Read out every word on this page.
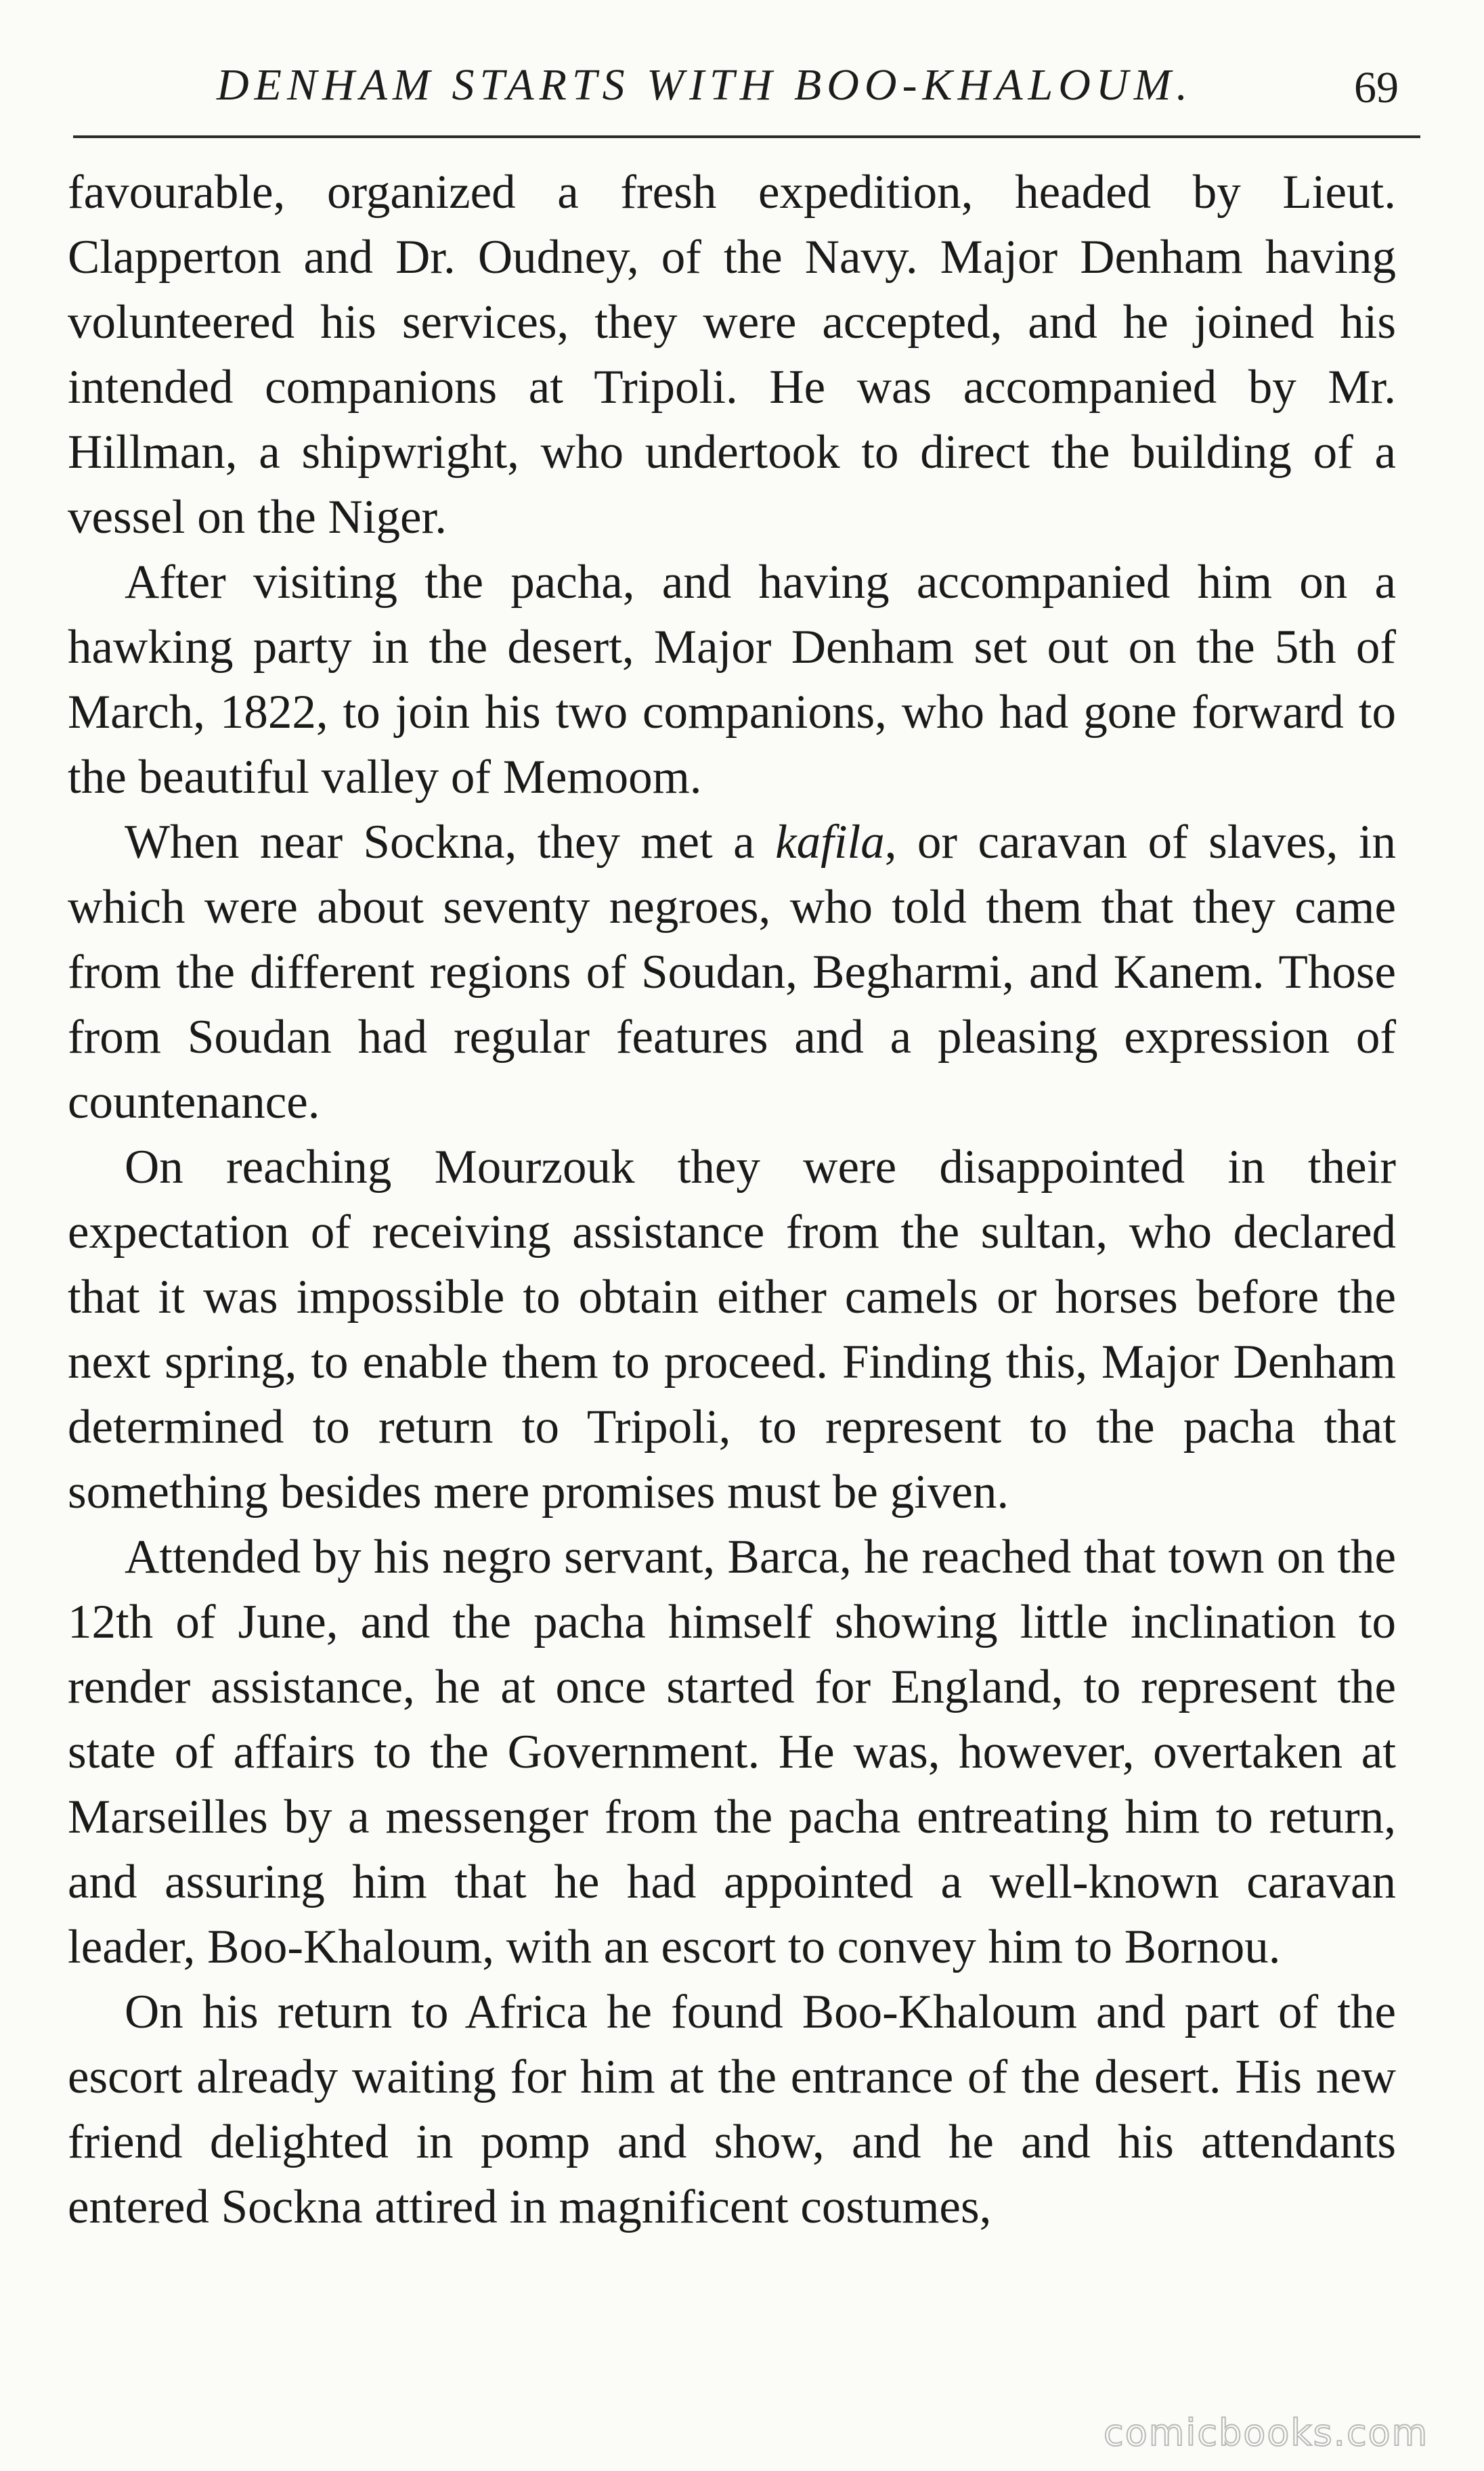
DENHAM STARTS WITH BOO-KHALOUM.	69

favourable, organized a fresh expedition, headed by Lieut. Clapperton and Dr. Oudney, of the Navy. Major Denham having volunteered his services, they were accepted, and he joined his intended companions at Tripoli. He was accompanied by Mr. Hillman, a shipwright, who undertook to direct the building of a vessel on the Niger.

After visiting the pacha, and having accompanied him on a hawking party in the desert, Major Denham set out on the 5th of March, 1822, to join his two companions, who had gone forward to the beautiful valley of Memoom.

When near Sockna, they met a kafila, or caravan of slaves, in which were about seventy negroes, who told them that they came from the different regions of Soudan, Begharmi, and Kanem. Those from Soudan had regular features and a pleasing expression of countenance.

On reaching Mourzouk they were disappointed in their expectation of receiving assistance from the sultan, who declared that it was impossible to obtain either camels or horses before the next spring, to enable them to proceed. Finding this, Major Denham determined to return to Tripoli, to represent to the pacha that something besides mere promises must be given.

Attended by his negro servant, Barca, he reached that town on the 12th of June, and the pacha himself showing little inclination to render assistance, he at once started for England, to represent the state of affairs to the Government. He was, however, overtaken at Marseilles by a messenger from the pacha entreating him to return, and assuring him that he had appointed a well-known caravan leader, Boo-Khaloum, with an escort to convey him to Bornou.

On his return to Africa he found Boo-Khaloum and part of the escort already waiting for him at the entrance of the desert. His new friend delighted in pomp and show, and he and his attendants entered Sockna attired in magnificent costumes,

comicbooks.com
